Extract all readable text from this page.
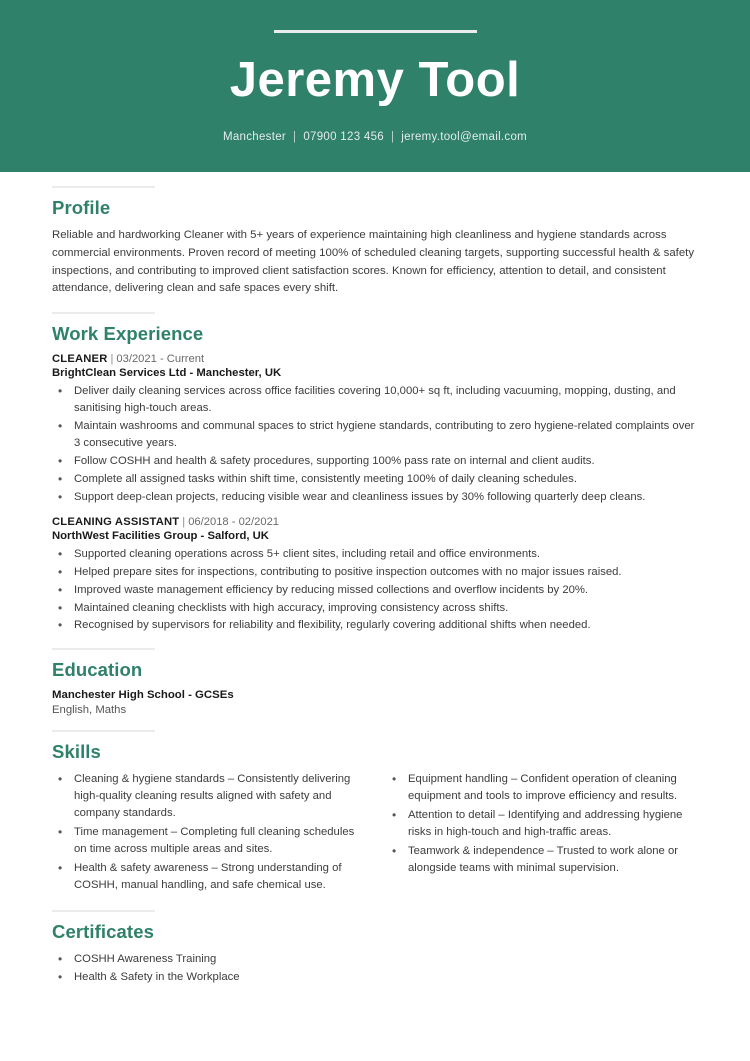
Jeremy Tool
Manchester | 07900 123 456 | jeremy.tool@email.com
Profile
Reliable and hardworking Cleaner with 5+ years of experience maintaining high cleanliness and hygiene standards across commercial environments. Proven record of meeting 100% of scheduled cleaning targets, supporting successful health & safety inspections, and contributing to improved client satisfaction scores. Known for efficiency, attention to detail, and consistent attendance, delivering clean and safe spaces every shift.
Work Experience
CLEANER | 03/2021 - Current
BrightClean Services Ltd - Manchester, UK
• Deliver daily cleaning services across office facilities covering 10,000+ sq ft, including vacuuming, mopping, dusting, and sanitising high-touch areas.
• Maintain washrooms and communal spaces to strict hygiene standards, contributing to zero hygiene-related complaints over 3 consecutive years.
• Follow COSHH and health & safety procedures, supporting 100% pass rate on internal and client audits.
• Complete all assigned tasks within shift time, consistently meeting 100% of daily cleaning schedules.
• Support deep-clean projects, reducing visible wear and cleanliness issues by 30% following quarterly deep cleans.
CLEANING ASSISTANT | 06/2018 - 02/2021
NorthWest Facilities Group - Salford, UK
• Supported cleaning operations across 5+ client sites, including retail and office environments.
• Helped prepare sites for inspections, contributing to positive inspection outcomes with no major issues raised.
• Improved waste management efficiency by reducing missed collections and overflow incidents by 20%.
• Maintained cleaning checklists with high accuracy, improving consistency across shifts.
• Recognised by supervisors for reliability and flexibility, regularly covering additional shifts when needed.
Education
Manchester High School - GCSEs
English, Maths
Skills
• Cleaning & hygiene standards – Consistently delivering high-quality cleaning results aligned with safety and company standards.
• Time management – Completing full cleaning schedules on time across multiple areas and sites.
• Health & safety awareness – Strong understanding of COSHH, manual handling, and safe chemical use.
• Equipment handling – Confident operation of cleaning equipment and tools to improve efficiency and results.
• Attention to detail – Identifying and addressing hygiene risks in high-touch and high-traffic areas.
• Teamwork & independence – Trusted to work alone or alongside teams with minimal supervision.
Certificates
• COSHH Awareness Training
• Health & Safety in the Workplace
